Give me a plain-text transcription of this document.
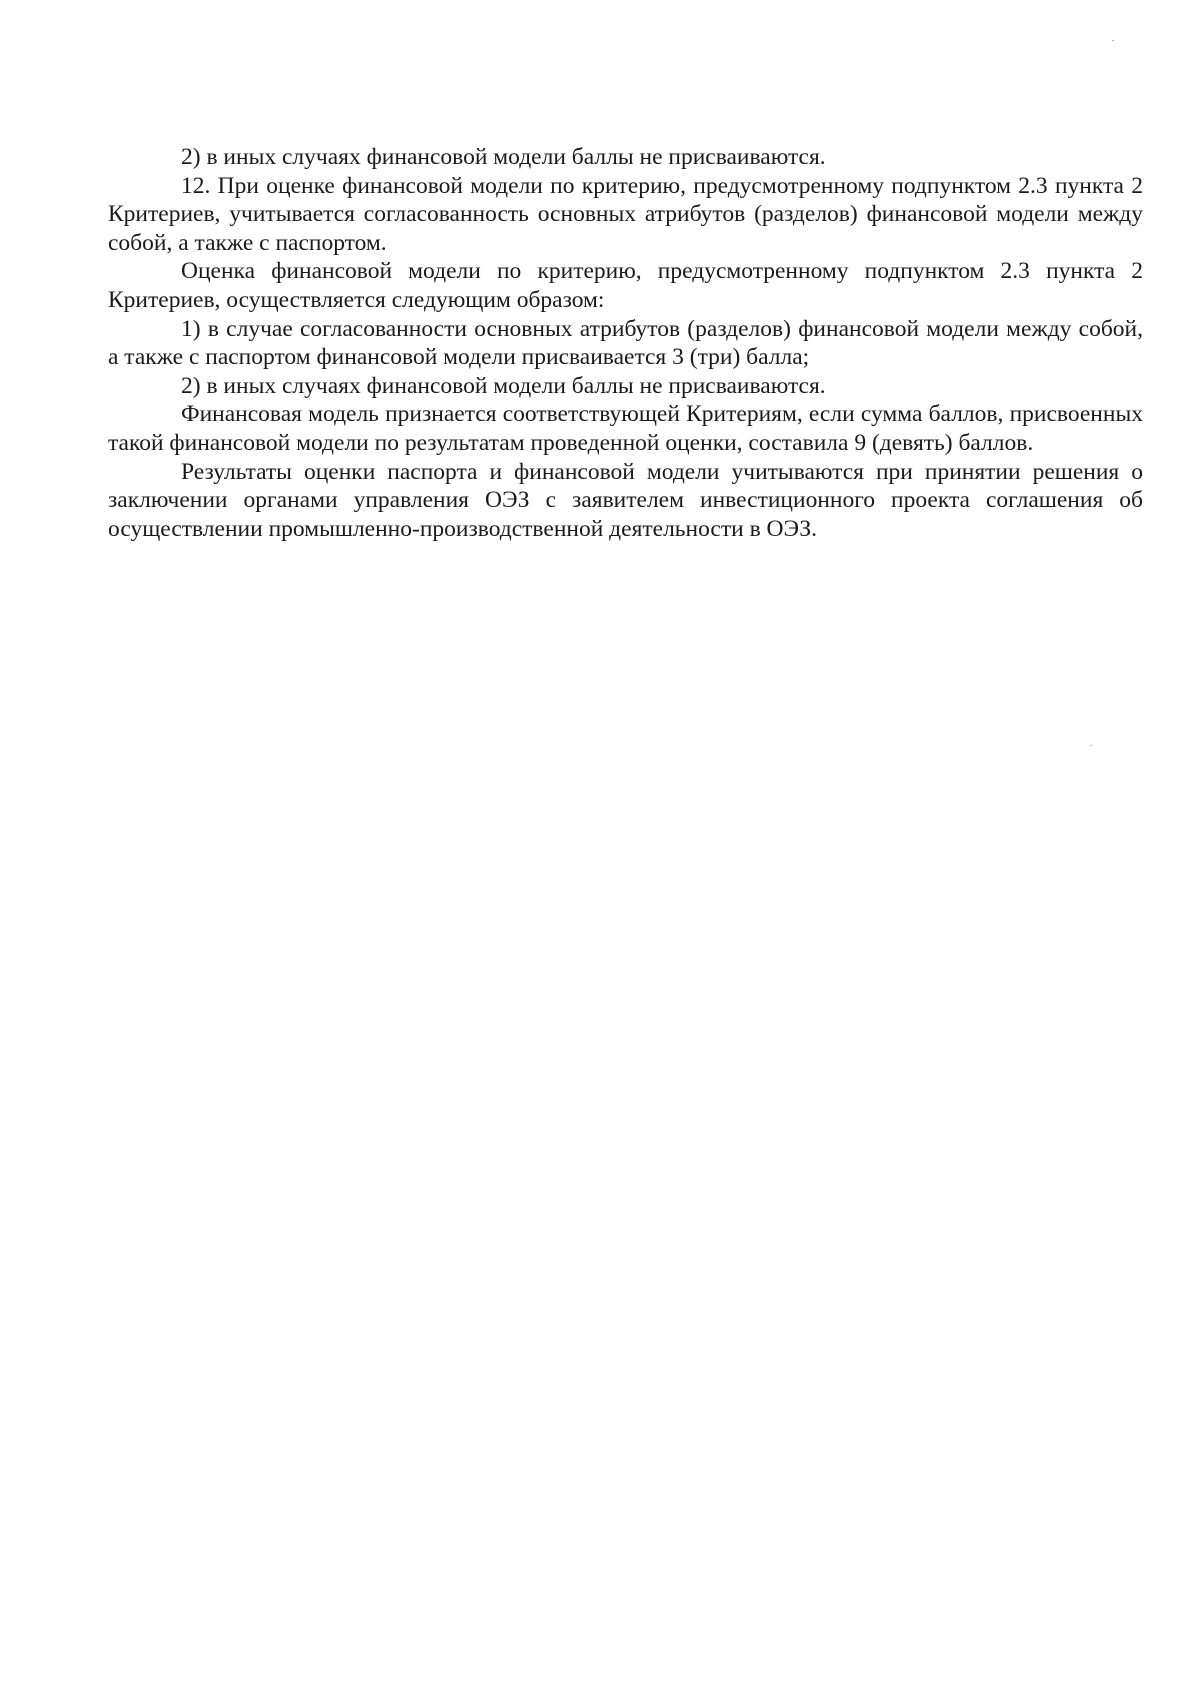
2) в иных случаях финансовой модели баллы не присваиваются.

12. При оценке финансовой модели по критерию, предусмотренному подпунктом 2.3 пункта 2 Критериев, учитывается согласованность основных атрибутов (разделов) финансовой модели между собой, а также с паспортом.

Оценка финансовой модели по критерию, предусмотренному подпунктом 2.3 пункта 2 Критериев, осуществляется следующим образом:

1) в случае согласованности основных атрибутов (разделов) финансовой модели между собой, а также с паспортом финансовой модели присваивается 3 (три) балла;

2) в иных случаях финансовой модели баллы не присваиваются.

Финансовая модель признается соответствующей Критериям, если сумма баллов, присвоенных такой финансовой модели по результатам проведенной оценки, составила 9 (девять) баллов.

Результаты оценки паспорта и финансовой модели учитываются при принятии решения о заключении органами управления ОЭЗ с заявителем инвестиционного проекта соглашения об осуществлении промышленно-производственной деятельности в ОЭЗ.
